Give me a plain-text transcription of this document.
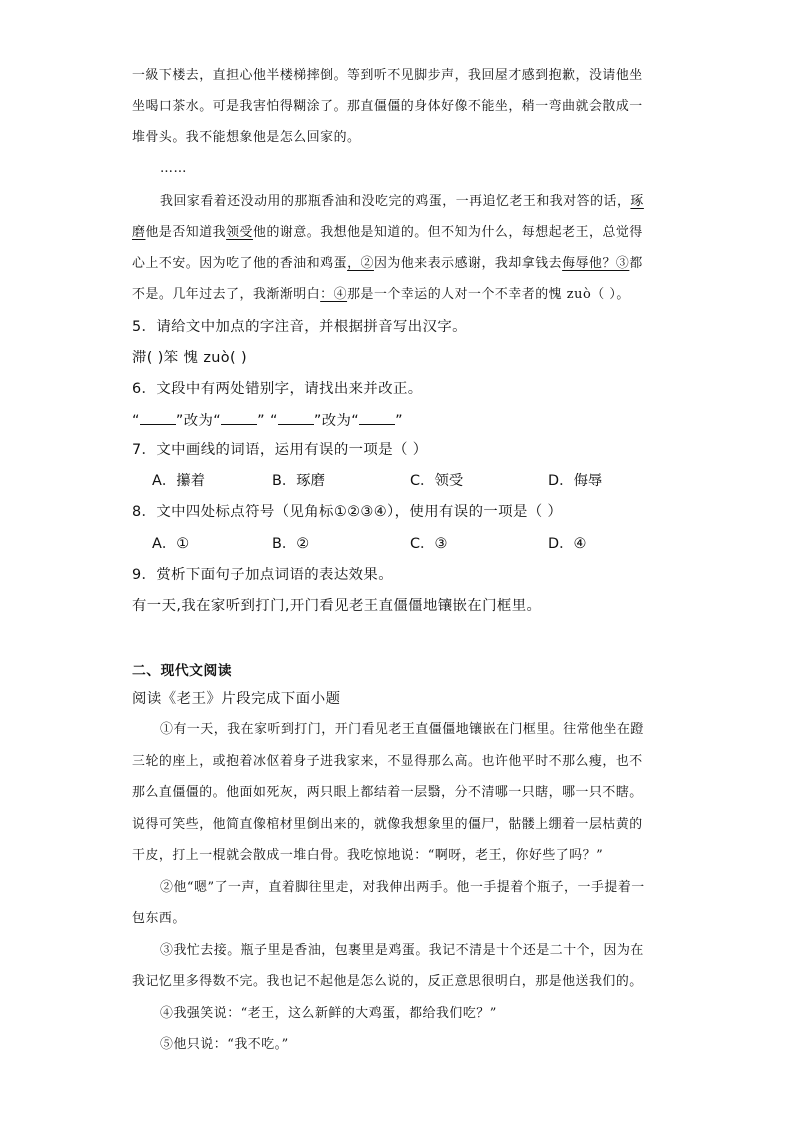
一級下楼去，直担心他半楼梯摔倒。等到听不见脚步声，我回屋才感到抱歉，没请他坐
坐喝口茶水。可是我害怕得糊涂了。那直僵僵的身体好像不能坐，稍一弯曲就会散成一
堆骨头。我不能想象他是怎么回家的。
……
我回家看着还没动用的那瓶香油和没吃完的鸡蛋，一再追忆老王和我对答的话，琢
磨他是否知道我领受他的谢意。我想他是知道的。但不知为什么，每想起老王，总觉得
心上不安。因为吃了他的香油和鸡蛋，②因为他来表示感谢，我却拿钱去侮辱他？③都
不是。几年过去了，我渐渐明白：④那是一个幸运的人对一个不幸者的愧 zuò（ ）。
5．请给文中加点的字注音，并根据拼音写出汉字。
滞( )笨 愧 zuò( )
6．文段中有两处错别字，请找出来并改正。
“	”改为“	” “	”改为“	”
7．文中画线的词语，运用有误的一项是（ ）
A．攥着	B．琢磨	C．领受	D．侮辱
8．文中四处标点符号（见角标①②③④），使用有误的一项是（ ）
A．①	B．②	C．③	D．④
9．赏析下面句子加点词语的表达效果。
有一天,我在家听到打门,开门看见老王直僵僵地镶嵌在门框里。
二、现代文阅读
阅读《老王》片段完成下面小题
①有一天，我在家听到打门，开门看见老王直僵僵地镶嵌在门框里。往常他坐在蹬
三轮的座上，或抱着冰伛着身子进我家来，不显得那么高。也许他平时不那么瘦，也不
那么直僵僵的。他面如死灰，两只眼上都结着一层翳，分不清哪一只瞎，哪一只不瞎。
说得可笑些，他简直像棺材里倒出来的，就像我想象里的僵尸，骷髅上绷着一层枯黄的
干皮，打上一棍就会散成一堆白骨。我吃惊地说：“啊呀，老王，你好些了吗？”
②他“嗯”了一声，直着脚往里走，对我伸出两手。他一手提着个瓶子，一手提着一
包东西。
③我忙去接。瓶子里是香油，包裹里是鸡蛋。我记不清是十个还是二十个，因为在
我记忆里多得数不完。我也记不起他是怎么说的，反正意思很明白，那是他送我们的。
④我强笑说：“老王，这么新鲜的大鸡蛋，都给我们吃？”
⑤他只说：“我不吃。”
